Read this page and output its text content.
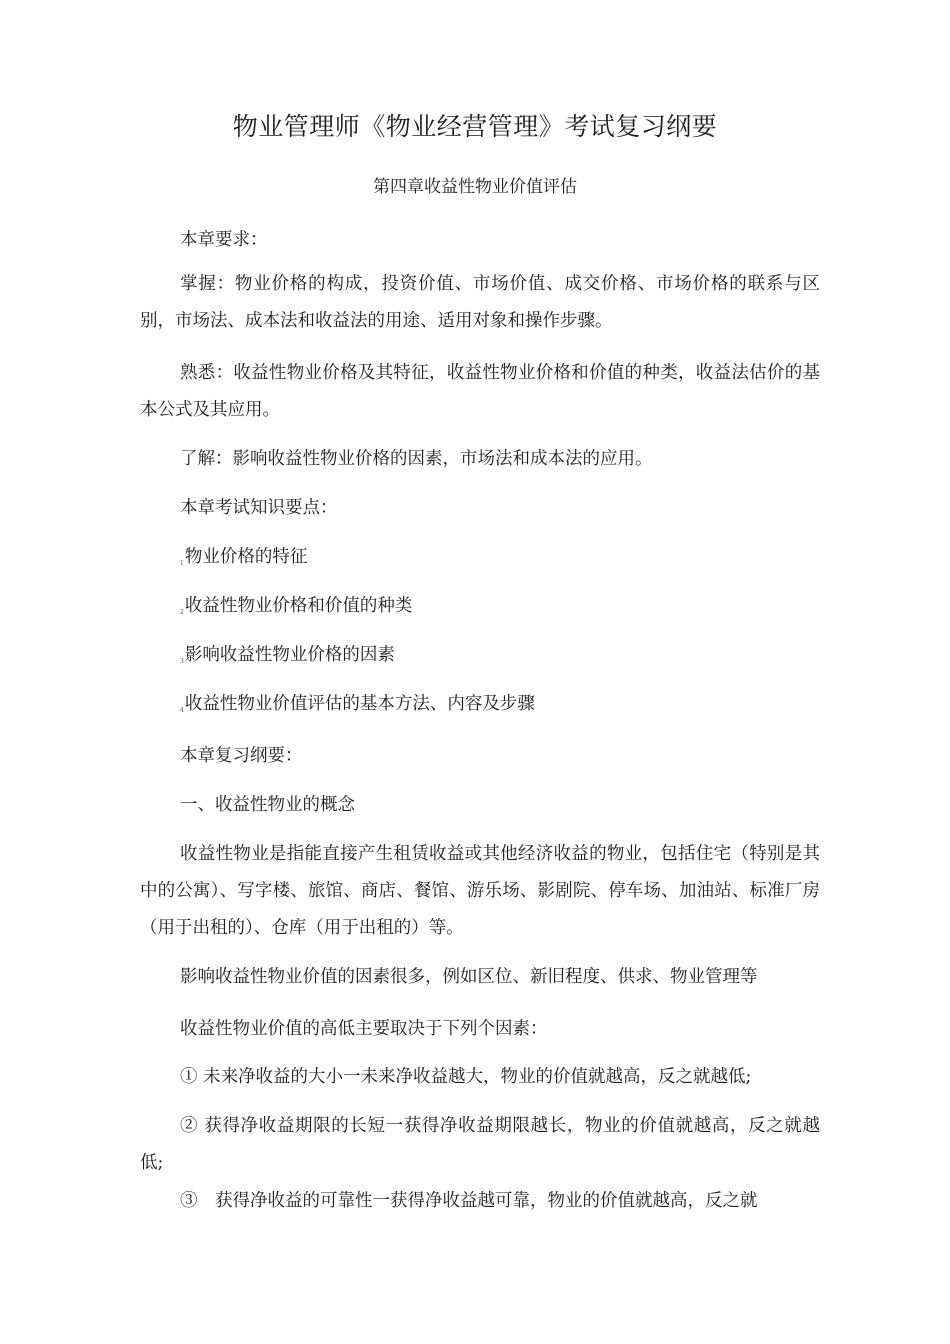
物业管理师《物业经营管理》考试复习纲要
第四章收益性物业价值评估

本章要求：

掌握：物业价格的构成，投资价值、市场价值、成交价格、市场价格的联系与区别，市场法、成本法和收益法的用途、适用对象和操作步骤。

熟悉：收益性物业价格及其特征，收益性物业价格和价值的种类，收益法估价的基本公式及其应用。

了解：影响收益性物业价格的因素，市场法和成本法的应用。

本章考试知识要点：

1物业价格的特征

2收益性物业价格和价值的种类

3影响收益性物业价格的因素

4收益性物业价值评估的基本方法、内容及步骤

本章复习纲要：

一、收益性物业的概念

收益性物业是指能直接产生租赁收益或其他经济收益的物业，包括住宅（特别是其中的公寓）、写字楼、旅馆、商店、餐馆、游乐场、影剧院、停车场、加油站、标准厂房（用于出租的）、仓库（用于出租的）等。

影响收益性物业价值的因素很多，例如区位、新旧程度、供求、物业管理等

收益性物业价值的高低主要取决于下列个因素：

① 未来净收益的大小一未来净收益越大，物业的价值就越高，反之就越低;

② 获得净收益期限的长短一获得净收益期限越长，物业的价值就越高，反之就越低;

③　获得净收益的可靠性一获得净收益越可靠，物业的价值就越高，反之就
